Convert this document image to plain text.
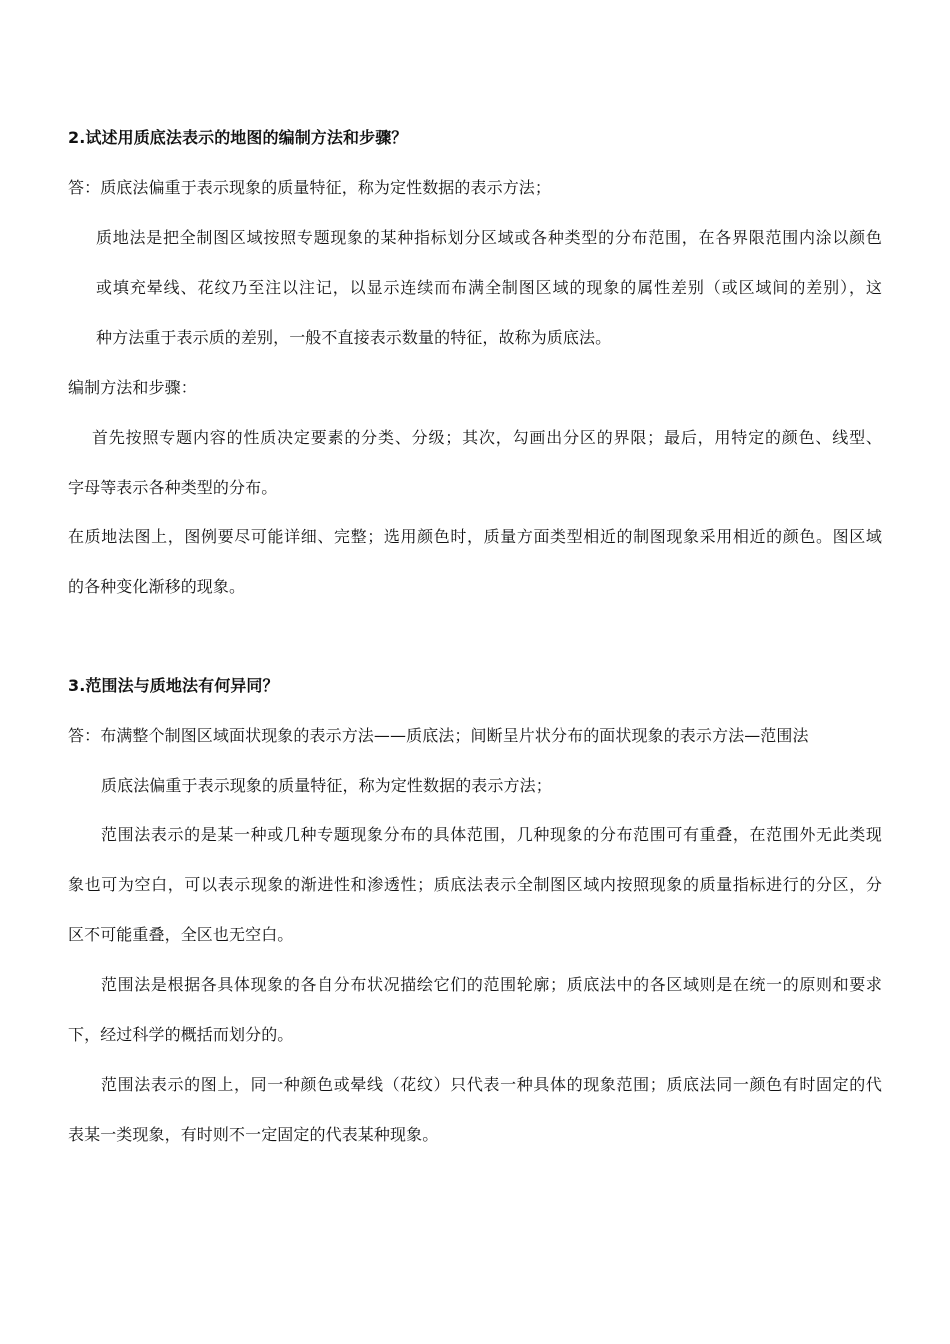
2.试述用质底法表示的地图的编制方法和步骤？
答：质底法偏重于表示现象的质量特征，称为定性数据的表示方法；
质地法是把全制图区域按照专题现象的某种指标划分区域或各种类型的分布范围，在各界限范围内涂以颜色
或填充晕线、花纹乃至注以注记，以显示连续而布满全制图区域的现象的属性差别（或区域间的差别），这
种方法重于表示质的差别，一般不直接表示数量的特征，故称为质底法。
编制方法和步骤：
首先按照专题内容的性质决定要素的分类、分级；其次，勾画出分区的界限；最后，用特定的颜色、线型、
字母等表示各种类型的分布。
在质地法图上，图例要尽可能详细、完整；选用颜色时，质量方面类型相近的制图现象采用相近的颜色。图区域
的各种变化渐移的现象。
3.范围法与质地法有何异同？
答：布满整个制图区域面状现象的表示方法——质底法；间断呈片状分布的面状现象的表示方法—范围法
质底法偏重于表示现象的质量特征，称为定性数据的表示方法；
范围法表示的是某一种或几种专题现象分布的具体范围，几种现象的分布范围可有重叠，在范围外无此类现
象也可为空白，可以表示现象的渐进性和渗透性；质底法表示全制图区域内按照现象的质量指标进行的分区，分
区不可能重叠，全区也无空白。
范围法是根据各具体现象的各自分布状况描绘它们的范围轮廓；质底法中的各区域则是在统一的原则和要求
下，经过科学的概括而划分的。
范围法表示的图上，同一种颜色或晕线（花纹）只代表一种具体的现象范围；质底法同一颜色有时固定的代
表某一类现象，有时则不一定固定的代表某种现象。
